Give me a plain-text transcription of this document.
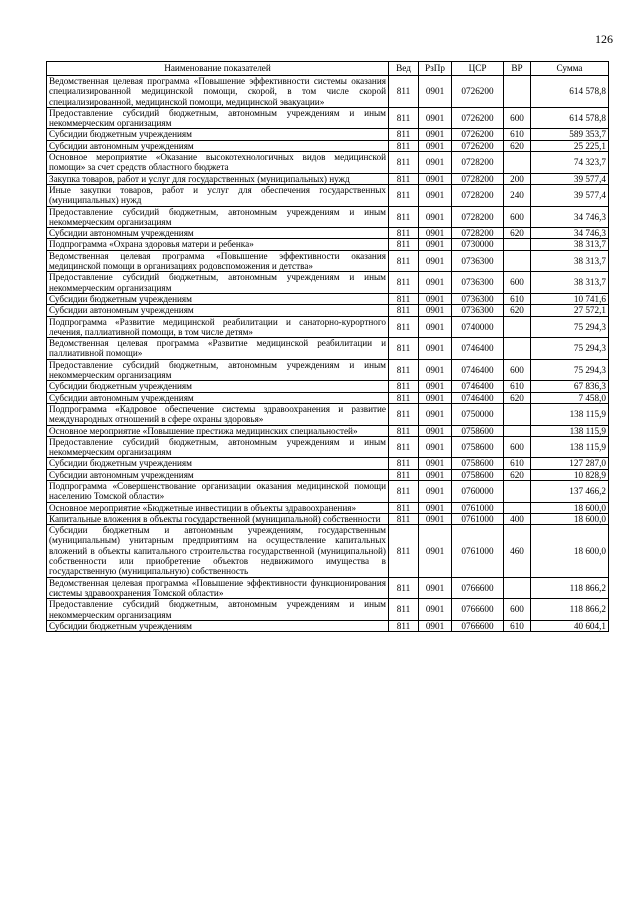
126
Наименование показателей	Вед	РзПр	ЦСР	ВР	Сумма
Ведомственная целевая программа «Повышение эффективности системы оказания специализированной медицинской помощи, скорой, в том числе скорой специализированной, медицинской помощи, медицинской эвакуации»	811	0901	0726200		614 578,8
Предоставление субсидий бюджетным, автономным учреждениям и иным некоммерческим организациям	811	0901	0726200	600	614 578,8
Субсидии бюджетным учреждениям	811	0901	0726200	610	589 353,7
Субсидии автономным учреждениям	811	0901	0726200	620	25 225,1
Основное мероприятие «Оказание высокотехнологичных видов медицинской помощи» за счет средств областного бюджета	811	0901	0728200		74 323,7
Закупка товаров, работ и услуг для государственных (муниципальных) нужд	811	0901	0728200	200	39 577,4
Иные закупки товаров, работ и услуг для обеспечения государственных (муниципальных) нужд	811	0901	0728200	240	39 577,4
Предоставление субсидий бюджетным, автономным учреждениям и иным некоммерческим организациям	811	0901	0728200	600	34 746,3
Субсидии автономным учреждениям	811	0901	0728200	620	34 746,3
Подпрограмма «Охрана здоровья матери и ребенка»	811	0901	0730000		38 313,7
Ведомственная целевая программа «Повышение эффективности оказания медицинской помощи в организациях родовспоможения и детства»	811	0901	0736300		38 313,7
Предоставление субсидий бюджетным, автономным учреждениям и иным некоммерческим организациям	811	0901	0736300	600	38 313,7
Субсидии бюджетным учреждениям	811	0901	0736300	610	10 741,6
Субсидии автономным учреждениям	811	0901	0736300	620	27 572,1
Подпрограмма «Развитие медицинской реабилитации и санаторно-курортного лечения, паллиативной помощи, в том числе детям»	811	0901	0740000		75 294,3
Ведомственная целевая программа «Развитие медицинской реабилитации и паллиативной помощи»	811	0901	0746400		75 294,3
Предоставление субсидий бюджетным, автономным учреждениям и иным некоммерческим организациям	811	0901	0746400	600	75 294,3
Субсидии бюджетным учреждениям	811	0901	0746400	610	67 836,3
Субсидии автономным учреждениям	811	0901	0746400	620	7 458,0
Подпрограмма «Кадровое обеспечение системы здравоохранения и развитие международных отношений в сфере охраны здоровья»	811	0901	0750000		138 115,9
Основное мероприятие «Повышение престижа медицинских специальностей»	811	0901	0758600		138 115,9
Предоставление субсидий бюджетным, автономным учреждениям и иным некоммерческим организациям	811	0901	0758600	600	138 115,9
Субсидии бюджетным учреждениям	811	0901	0758600	610	127 287,0
Субсидии автономным учреждениям	811	0901	0758600	620	10 828,9
Подпрограмма «Совершенствование организации оказания медицинской помощи населению Томской области»	811	0901	0760000		137 466,2
Основное мероприятие «Бюджетные инвестиции в объекты здравоохранения»	811	0901	0761000		18 600,0
Капитальные вложения в объекты государственной (муниципальной) собственности	811	0901	0761000	400	18 600,0
Субсидии бюджетным и автономным учреждениям, государственным (муниципальным) унитарным предприятиям на осуществление капитальных вложений в объекты капитального строительства государственной (муниципальной) собственности или приобретение объектов недвижимого имущества в государственную (муниципальную) собственность	811	0901	0761000	460	18 600,0
Ведомственная целевая программа «Повышение эффективности функционирования системы здравоохранения Томской области»	811	0901	0766600		118 866,2
Предоставление субсидий бюджетным, автономным учреждениям и иным некоммерческим организациям	811	0901	0766600	600	118 866,2
Субсидии бюджетным учреждениям	811	0901	0766600	610	40 604,1
